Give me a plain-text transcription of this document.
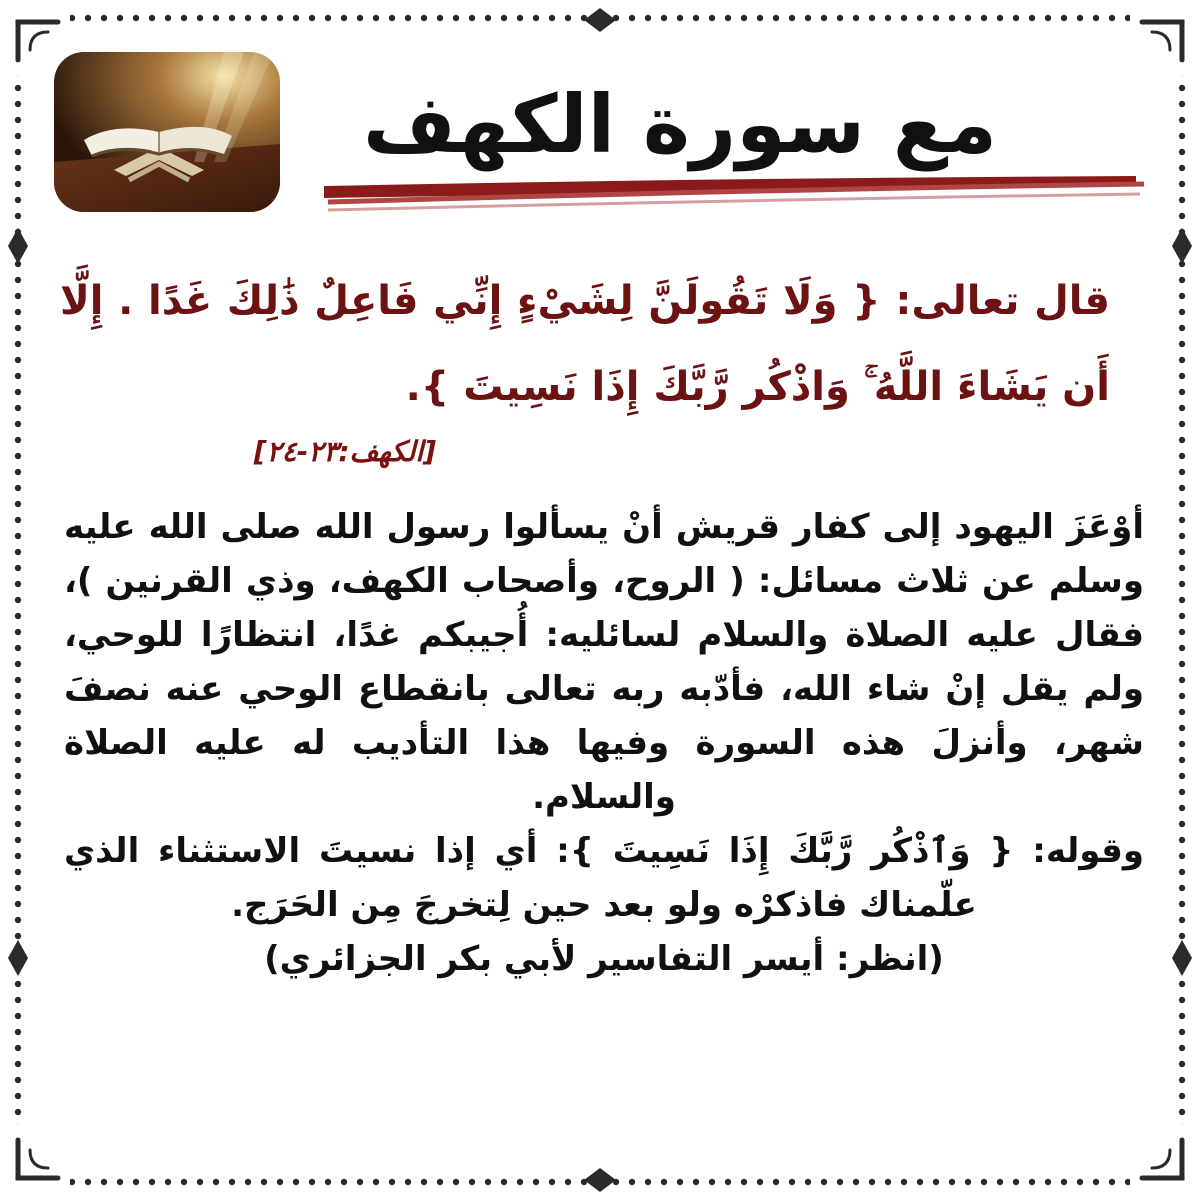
مع سورة الكهف

قال تعالى: { وَلَا تَقُولَنَّ لِشَيْءٍ إِنِّي فَاعِلٌ ذَٰلِكَ غَدًا . إِلَّا أَن يَشَاءَ اللَّهُ ۚ وَاذْكُر رَّبَّكَ إِذَا نَسِيتَ }.

[الكهف:٢٣-٢٤]

أوْعَزَ اليهود إلى كفار قريش أنْ يسألوا رسول الله صلى الله عليه وسلم عن ثلاث مسائل: ( الروح، وأصحاب الكهف، وذي القرنين )، فقال عليه الصلاة والسلام لسائليه: أُجيبكم غدًا، انتظارًا للوحي، ولم يقل إنْ شاء الله، فأدّبه ربه تعالى بانقطاع الوحي عنه نصفَ شهر، وأنزلَ هذه السورة وفيها هذا التأديب له عليه الصلاة والسلام.

وقوله: { وَٱذْكُر رَّبَّكَ إِذَا نَسِيتَ }: أي إذا نسيتَ الاستثناء الذي علّمناك فاذكرْه ولو بعد حين لِتخرجَ مِن الحَرَج.

(انظر: أيسر التفاسير لأبي بكر الجزائري)
